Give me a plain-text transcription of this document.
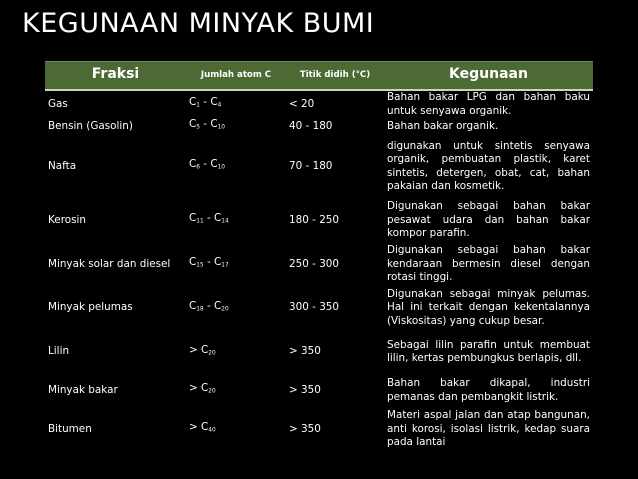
KEGUNAAN MINYAK BUMI
Fraksi	Jumlah atom C	Titik didih (°C)	Kegunaan
Gas	$C_1 - C_4$	< 20	Bahan bakar LPG dan bahan baku untuk senyawa organik.
Bensin (Gasolin)	$C_5 - C_{10}$	40 - 180	Bahan bakar organik.
Nafta	$C_6 - C_{10}$	70 - 180	digunakan untuk sintetis senyawa organik, pembuatan plastik, karet sintetis, detergen, obat, cat, bahan pakaian dan kosmetik.
Kerosin	$C_{11} - C_{14}$	180 - 250	Digunakan sebagai bahan bakar pesawat udara dan bahan bakar kompor parafin.
Minyak solar dan diesel	$C_{15} - C_{17}$	250 - 300	Digunakan sebagai bahan bakar kendaraan bermesin diesel dengan rotasi tinggi.
Minyak pelumas	$C_{18} - C_{20}$	300 - 350	Digunakan sebagai minyak pelumas. Hal ini terkait dengan kekentalannya (Viskositas) yang cukup besar.
Lilin	> $C_{20}$	> 350	Sebagai lilin parafin untuk membuat lilin, kertas pembungkus berlapis, dll.
Minyak bakar	> $C_{20}$	> 350	Bahan bakar dikapal, industri pemanas dan pembangkit listrik.
Bitumen	> $C_{40}$	> 350	Materi aspal jalan dan atap bangunan, anti korosi, isolasi listrik, kedap suara pada lantai
